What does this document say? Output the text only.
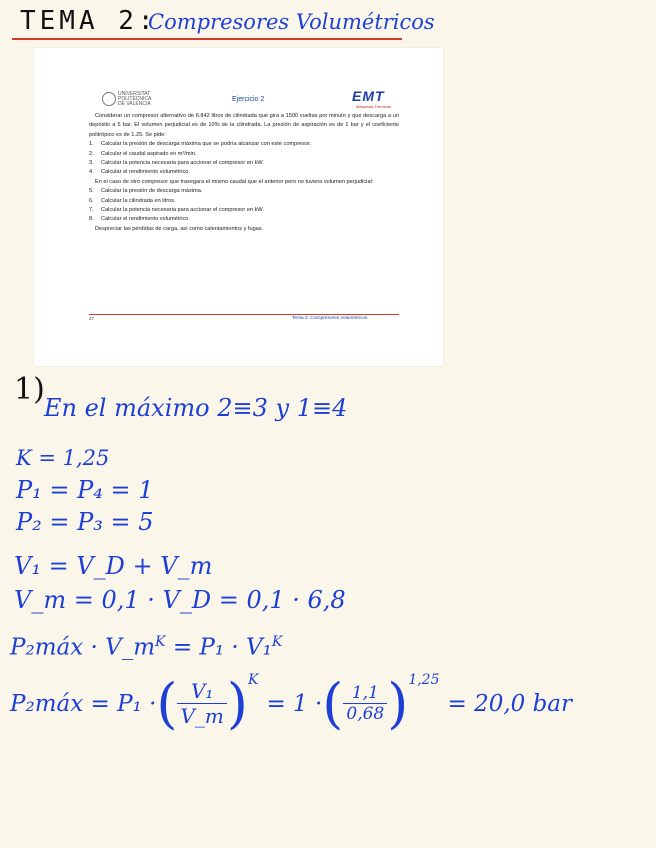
TEMA 2:
Compresores Volumétricos
UNIVERSITAT
POLITÈCNICA
DE VALÈNCIA
Ejercicio 2	EMT
Máquinas Térmicas

Considerar un compresor alternativo de 6.842 litros de cilindrada que gira a 1500 vueltas por minuto y que descarga a un depósito a 5 bar. El volumen perjudicial es de 10% de la cilindrada. La presión de aspiración es de 1 bar y el coeficiente politrópico es de 1.25. Se pide:

1.	Calcular la presión de descarga máxima que se podría alcanzar con este compresor.
2.	Calcular el caudal aspirado en m³/min.
3.	Calcular la potencia necesaria para accionar el compresor en kW.
4.	Calcular el rendimiento volumétrico.

En el caso de otro compresor que trasegara el mismo caudal que el anterior pero no tuviera volumen perjudicial:

5.	Calcular la presión de descarga máxima.
6.	Calcular la cilindrada en litros.
7.	Calcular la potencia necesaria para accionar el compresor en kW.
8.	Calcular el rendimiento volumétrico.

Despreciar las pérdidas de carga, así como calentamientos y fugas.

27	Tema 2. Compresores volumétricos
1)
En el máximo 2≡3 y 1≡4
K = 1,25
P₁ = P₄ = 1
P₂ = P₃ = 5
V₁ = V_D + V_m
V_m = 0,1 · V_D = 0,1 · 6,8
P₂máx · $V\_m^K = P_1 \cdot V_1^K$
P₂máx = P₁ · ( $\frac{\text{V₁}}{V\_m} )^K$
= 1 · ( $\frac{1,1}{0,68} )^{1,25}$
= 20,0 bar
